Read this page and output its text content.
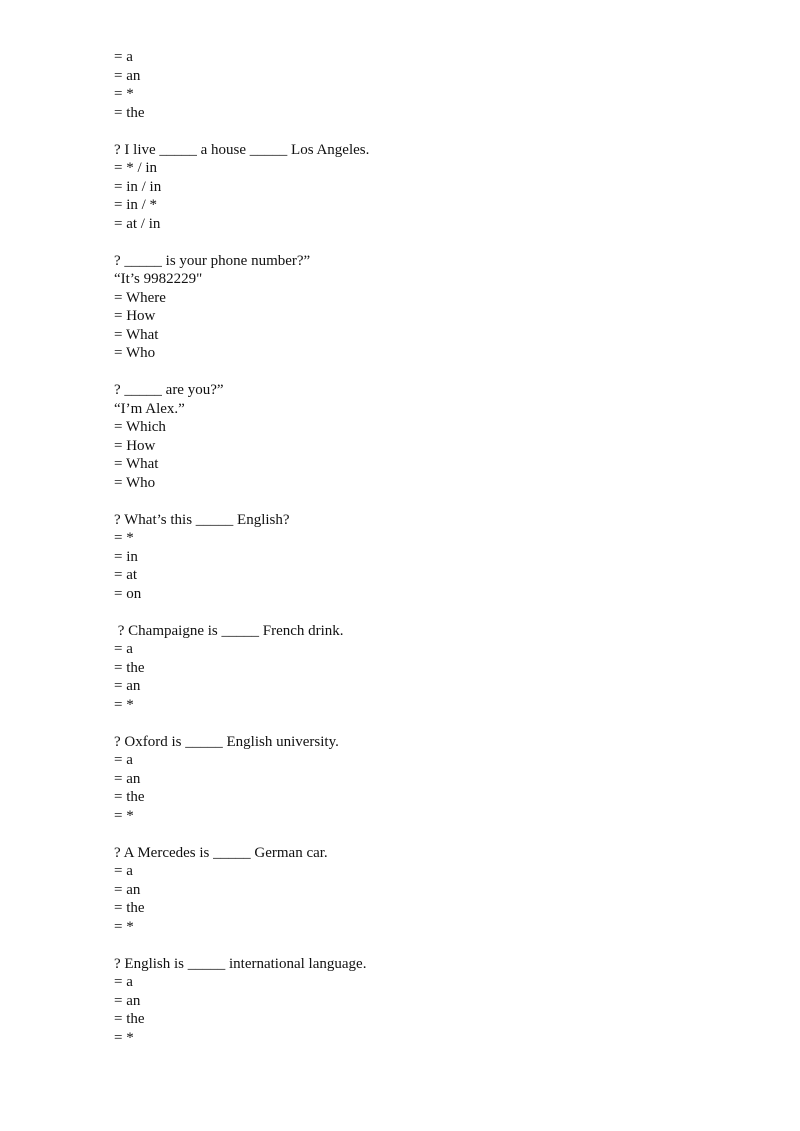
= a
= an
= *
= the
? I live _____ a house _____ Los Angeles.
= * / in
= in / in
= in / *
= at / in
? _____ is your phone number?”
“It’s 9982229"
= Where
= How
= What
= Who
? _____ are you?”
“I’m Alex.”
= Which
= How
= What
= Who
? What’s this _____ English?
= *
= in
= at
= on
? Champaigne is _____ French drink.
= a
= the
= an
= *
? Oxford is _____ English university.
= a
= an
= the
= *
? A Mercedes is _____ German car.
= a
= an
= the
= *
? English is _____ international language.
= a
= an
= the
= *
